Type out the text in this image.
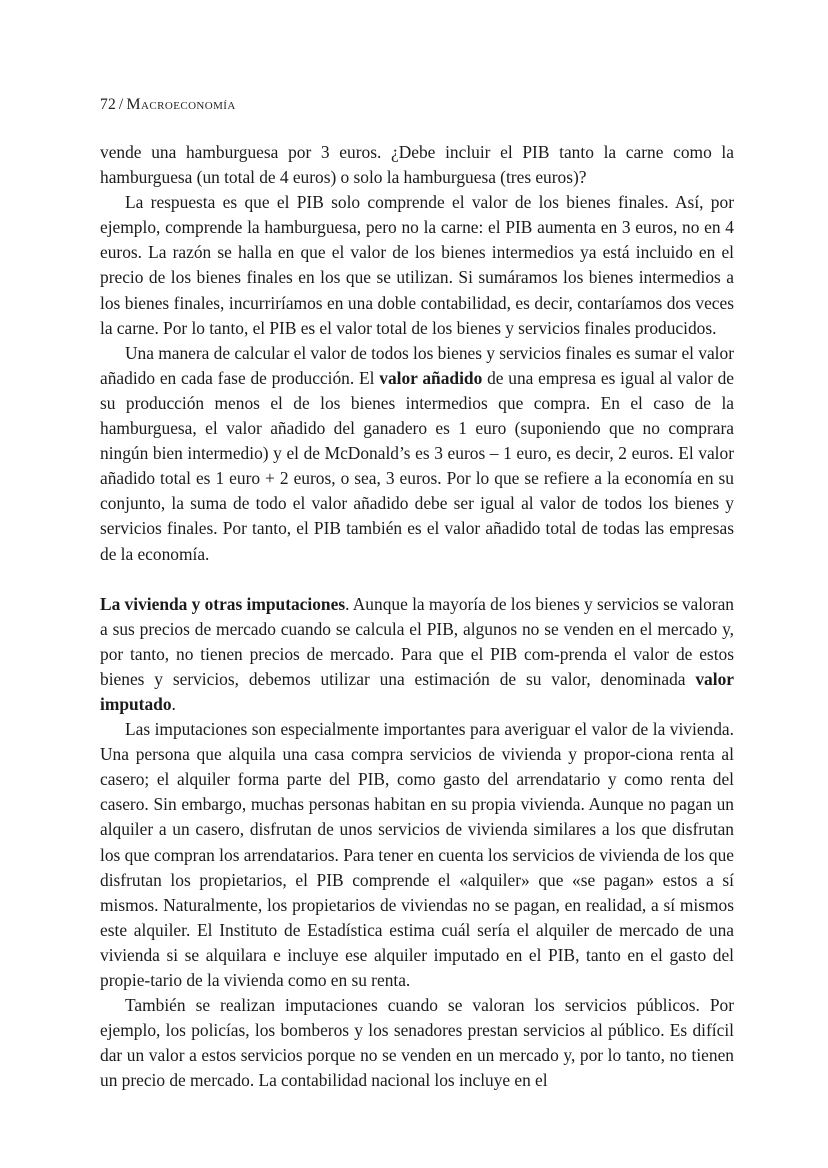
72 / Macroeconomía

vende una hamburguesa por 3 euros. ¿Debe incluir el PIB tanto la carne como la hamburguesa (un total de 4 euros) o solo la hamburguesa (tres euros)?

La respuesta es que el PIB solo comprende el valor de los bienes finales. Así, por ejemplo, comprende la hamburguesa, pero no la carne: el PIB aumenta en 3 euros, no en 4 euros. La razón se halla en que el valor de los bienes intermedios ya está incluido en el precio de los bienes finales en los que se utilizan. Si sumáramos los bienes intermedios a los bienes finales, incurriríamos en una doble contabilidad, es decir, contaríamos dos veces la carne. Por lo tanto, el PIB es el valor total de los bienes y servicios finales producidos.

Una manera de calcular el valor de todos los bienes y servicios finales es sumar el valor añadido en cada fase de producción. El valor añadido de una empresa es igual al valor de su producción menos el de los bienes intermedios que compra. En el caso de la hamburguesa, el valor añadido del ganadero es 1 euro (suponiendo que no comprara ningún bien intermedio) y el de McDonald’s es 3 euros – 1 euro, es decir, 2 euros. El valor añadido total es 1 euro + 2 euros, o sea, 3 euros. Por lo que se refiere a la economía en su conjunto, la suma de todo el valor añadido debe ser igual al valor de todos los bienes y servicios finales. Por tanto, el PIB también es el valor añadido total de todas las empresas de la economía.

La vivienda y otras imputaciones. Aunque la mayoría de los bienes y servicios se valoran a sus precios de mercado cuando se calcula el PIB, algunos no se venden en el mercado y, por tanto, no tienen precios de mercado. Para que el PIB com-prenda el valor de estos bienes y servicios, debemos utilizar una estimación de su valor, denominada valor imputado.

Las imputaciones son especialmente importantes para averiguar el valor de la vivienda. Una persona que alquila una casa compra servicios de vivienda y propor-ciona renta al casero; el alquiler forma parte del PIB, como gasto del arrendatario y como renta del casero. Sin embargo, muchas personas habitan en su propia vivienda. Aunque no pagan un alquiler a un casero, disfrutan de unos servicios de vivienda similares a los que disfrutan los que compran los arrendatarios. Para tener en cuenta los servicios de vivienda de los que disfrutan los propietarios, el PIB comprende el «alquiler» que «se pagan» estos a sí mismos. Naturalmente, los propietarios de viviendas no se pagan, en realidad, a sí mismos este alquiler. El Instituto de Estadística estima cuál sería el alquiler de mercado de una vivienda si se alquilara e incluye ese alquiler imputado en el PIB, tanto en el gasto del propie-tario de la vivienda como en su renta.

También se realizan imputaciones cuando se valoran los servicios públicos. Por ejemplo, los policías, los bomberos y los senadores prestan servicios al público. Es difícil dar un valor a estos servicios porque no se venden en un mercado y, por lo tanto, no tienen un precio de mercado. La contabilidad nacional los incluye en el
